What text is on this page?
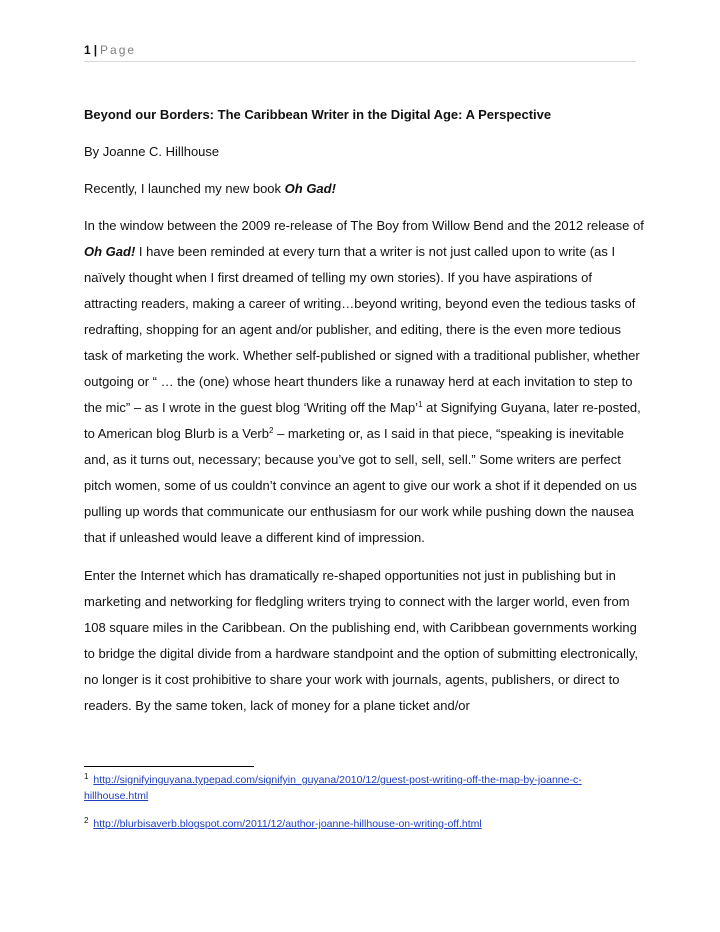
1 | Page

Beyond our Borders: The Caribbean Writer in the Digital Age: A Perspective

By Joanne C. Hillhouse

Recently, I launched my new book Oh Gad!

In the window between the 2009 re-release of The Boy from Willow Bend and the 2012 release of Oh Gad! I have been reminded at every turn that a writer is not just called upon to write (as I naïvely thought when I first dreamed of telling my own stories). If you have aspirations of attracting readers, making a career of writing…beyond writing, beyond even the tedious tasks of redrafting, shopping for an agent and/or publisher, and editing, there is the even more tedious task of marketing the work. Whether self-published or signed with a traditional publisher, whether outgoing or “ … the (one) whose heart thunders like a runaway herd at each invitation to step to the mic” – as I wrote in the guest blog ‘Writing off the Map’$^1$ at Signifying Guyana, later re-posted, to American blog Blurb is a Verb$^2$ – marketing or, as I said in that piece, “speaking is inevitable and, as it turns out, necessary; because you’ve got to sell, sell, sell.” Some writers are perfect pitch women, some of us couldn’t convince an agent to give our work a shot if it depended on us pulling up words that communicate our enthusiasm for our work while pushing down the nausea that if unleashed would leave a different kind of impression.

Enter the Internet which has dramatically re-shaped opportunities not just in publishing but in marketing and networking for fledgling writers trying to connect with the larger world, even from 108 square miles in the Caribbean. On the publishing end, with Caribbean governments working to bridge the digital divide from a hardware standpoint and the option of submitting electronically, no longer is it cost prohibitive to share your work with journals, agents, publishers, or direct to readers. By the same token, lack of money for a plane ticket and/or

$^1$ http://signifyinguyana.typepad.com/signifyin_guyana/2010/12/guest-post-writing-off-the-map-by-joanne-c-hillhouse.html

$^2$ http://blurbisaverb.blogspot.com/2011/12/author-joanne-hillhouse-on-writing-off.html
